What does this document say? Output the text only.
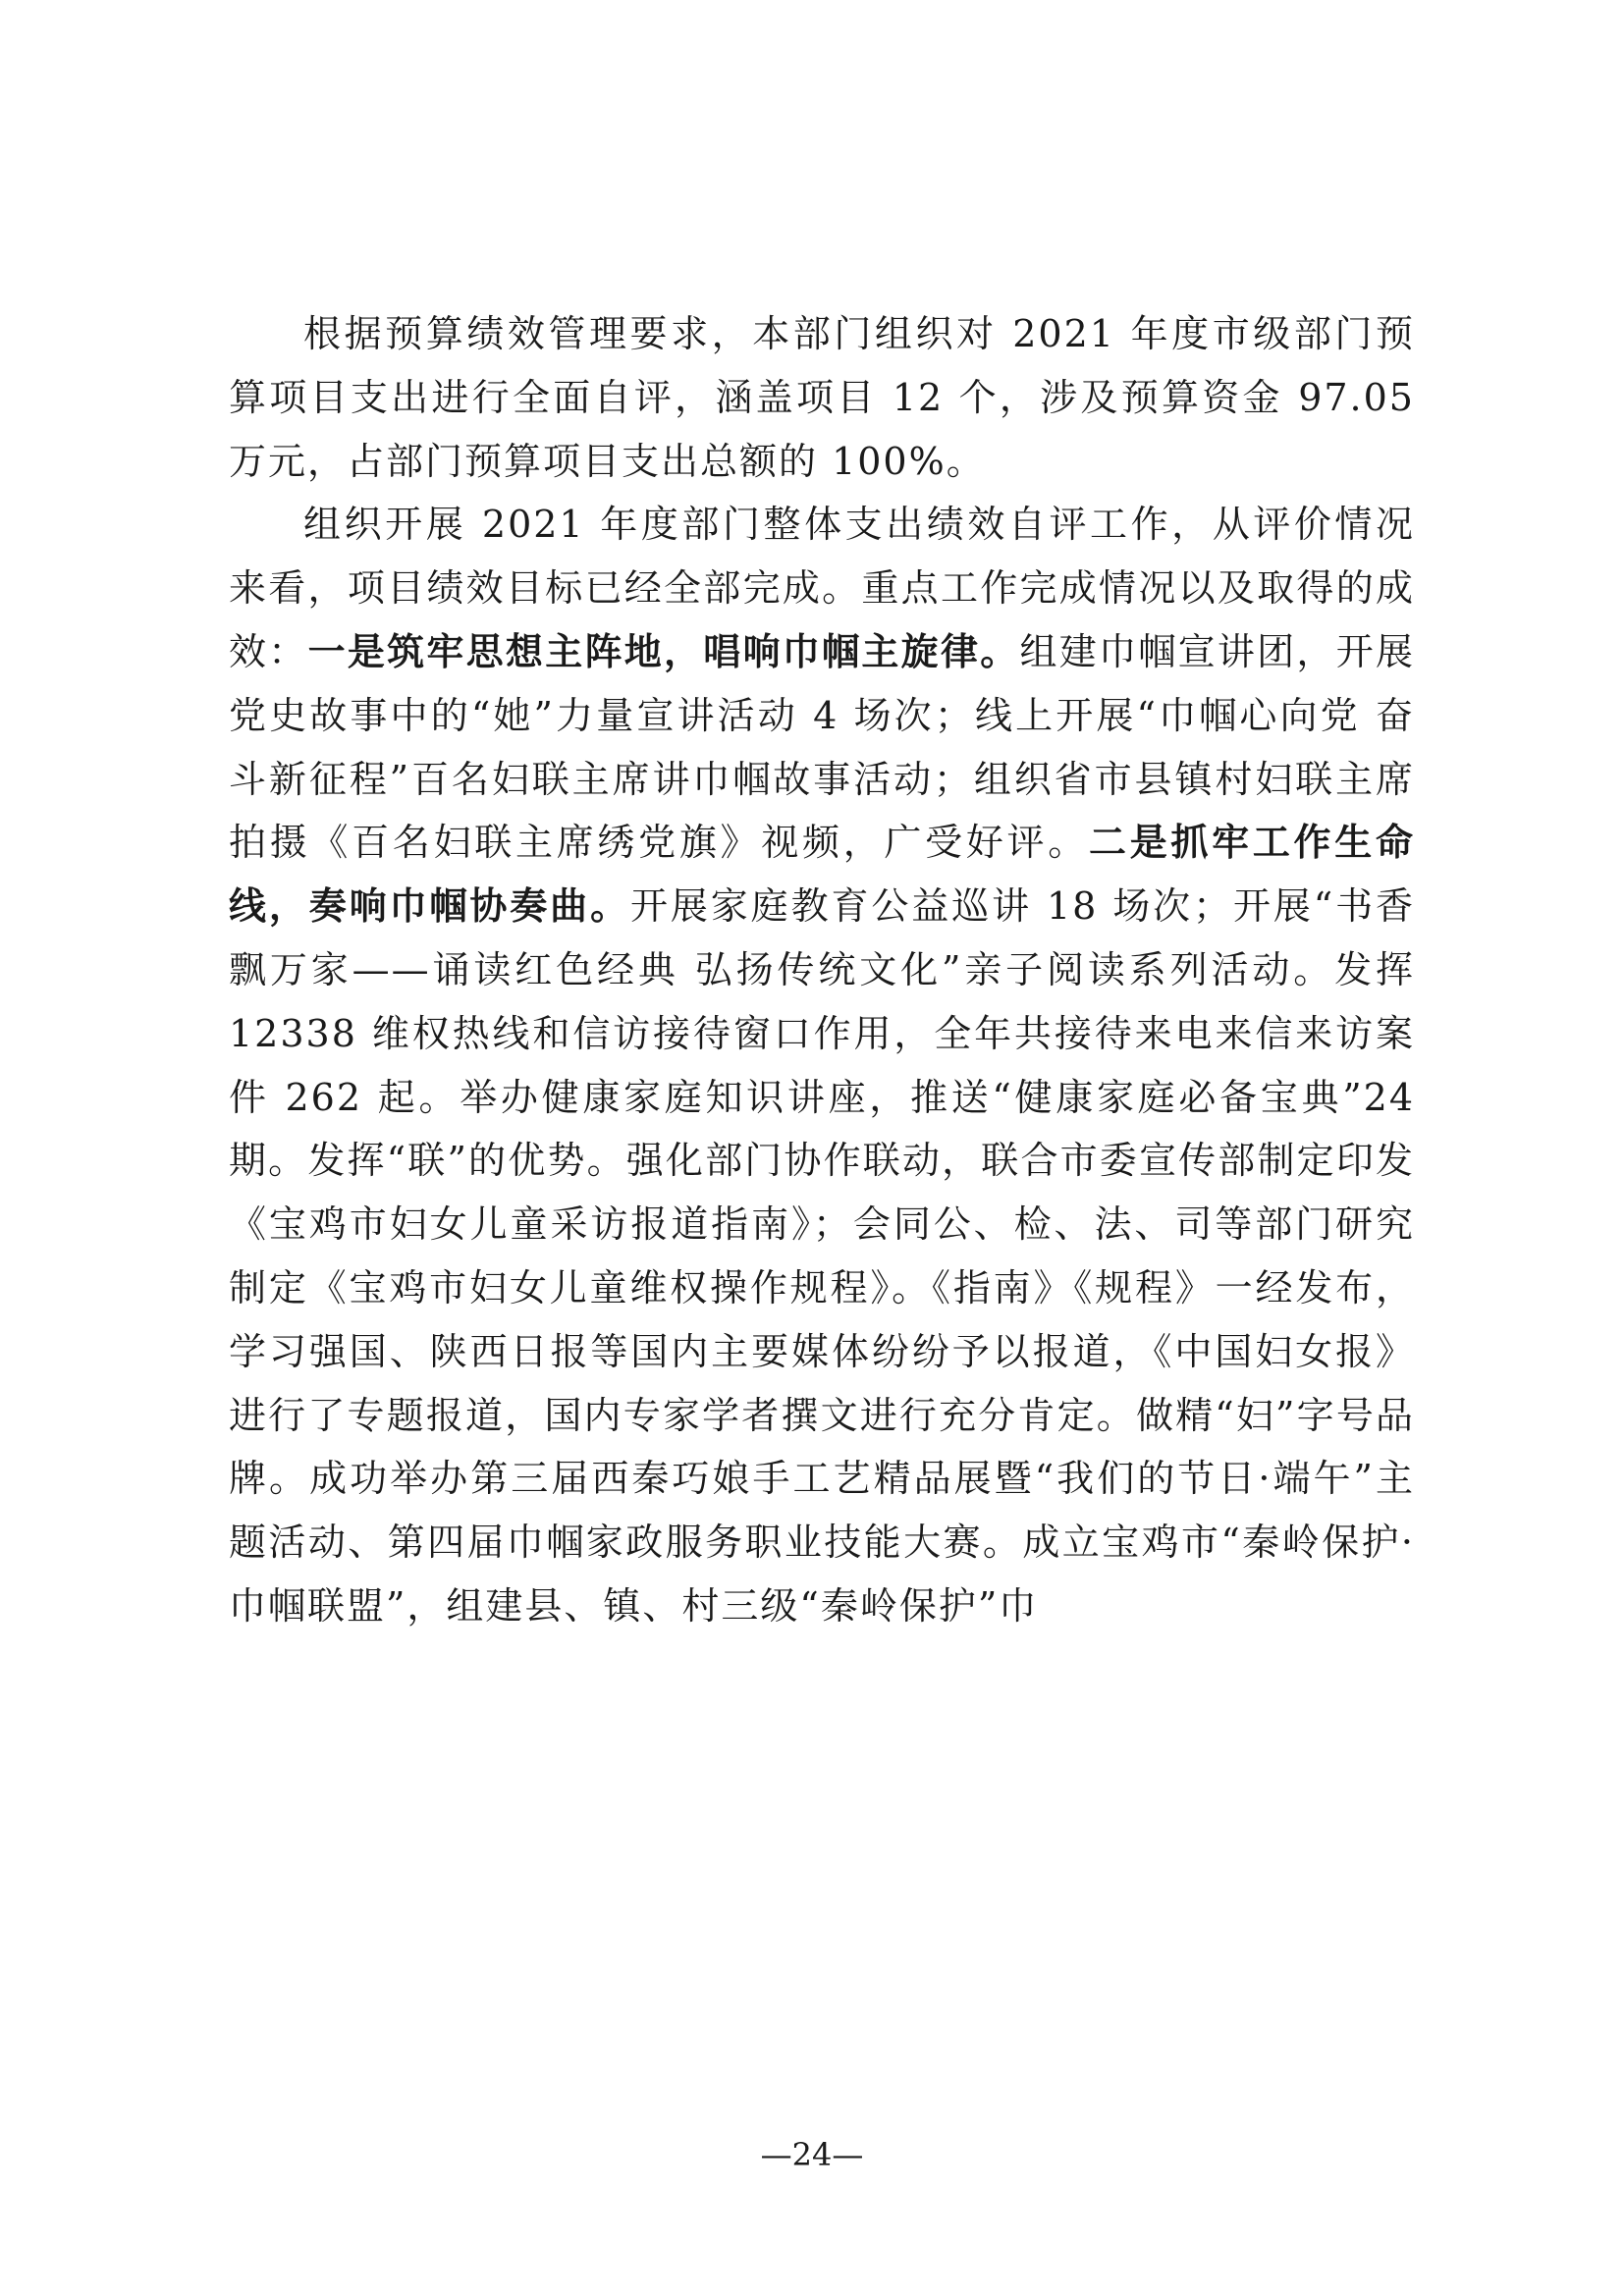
根据预算绩效管理要求，本部门组织对 2021 年度市级部门预算项目支出进行全面自评，涵盖项目 12 个，涉及预算资金 97.05 万元，占部门预算项目支出总额的 100%。

组织开展 2021 年度部门整体支出绩效自评工作，从评价情况来看，项目绩效目标已经全部完成。重点工作完成情况以及取得的成效：一是筑牢思想主阵地，唱响巾帼主旋律。组建巾帼宣讲团，开展党史故事中的“她”力量宣讲活动 4 场次；线上开展“巾帼心向党 奋斗新征程”百名妇联主席讲巾帼故事活动；组织省市县镇村妇联主席拍摄《百名妇联主席绣党旗》视频，广受好评。二是抓牢工作生命线，奏响巾帼协奏曲。开展家庭教育公益巡讲 18 场次；开展“书香飘万家——诵读红色经典 弘扬传统文化”亲子阅读系列活动。发挥 12338 维权热线和信访接待窗口作用，全年共接待来电来信来访案件 262 起。举办健康家庭知识讲座，推送“健康家庭必备宝典”24 期。发挥“联”的优势。强化部门协作联动，联合市委宣传部制定印发《宝鸡市妇女儿童采访报道指南》；会同公、检、法、司等部门研究制定《宝鸡市妇女儿童维权操作规程》。《指南》《规程》一经发布，学习强国、陕西日报等国内主要媒体纷纷予以报道，《中国妇女报》进行了专题报道，国内专家学者撰文进行充分肯定。做精“妇”字号品牌。成功举办第三届西秦巧娘手工艺精品展暨“我们的节日·端午”主题活动、第四届巾帼家政服务职业技能大赛。成立宝鸡市“秦岭保护·巾帼联盟”，组建县、镇、村三级“秦岭保护”巾

—24—
